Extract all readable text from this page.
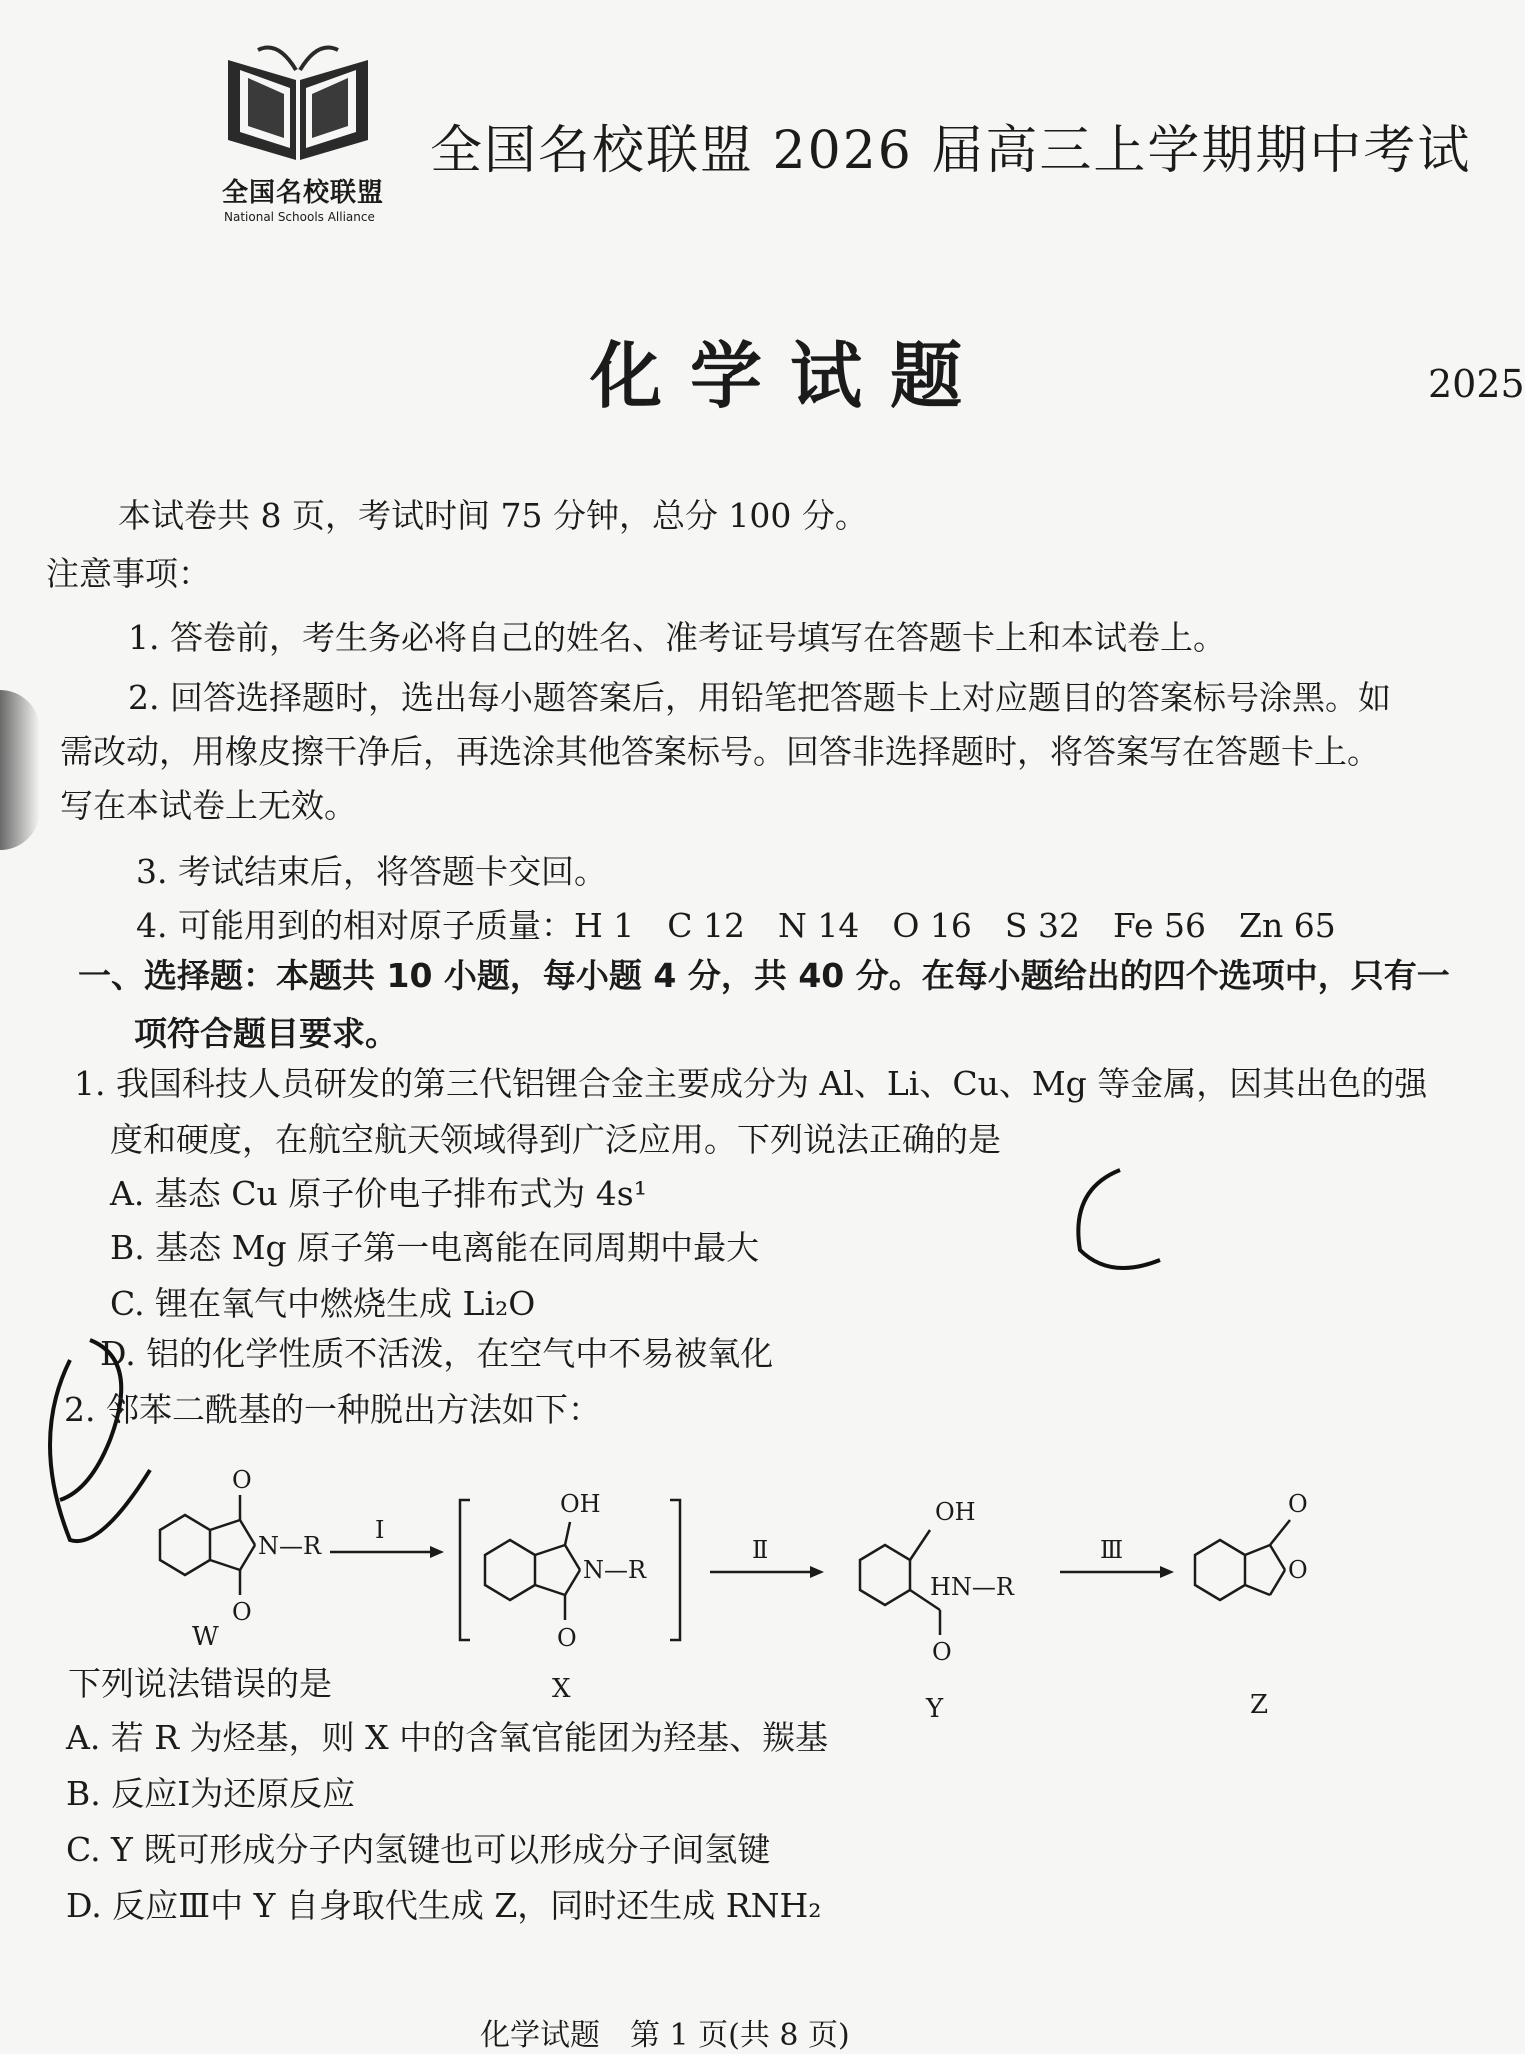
全国名校联盟
National Schools Alliance
全国名校联盟 2026 届高三上学期期中考试
化学试题	2025
本试卷共 8 页，考试时间 75 分钟，总分 100 分。
注意事项：
1. 答卷前，考生务必将自己的姓名、准考证号填写在答题卡上和本试卷上。
2. 回答选择题时，选出每小题答案后，用铅笔把答题卡上对应题目的答案标号涂黑。如
需改动，用橡皮擦干净后，再选涂其他答案标号。回答非选择题时，将答案写在答题卡上。
写在本试卷上无效。
3. 考试结束后，将答题卡交回。
4. 可能用到的相对原子质量：H 1　C 12　N 14　O 16　S 32　Fe 56　Zn 65
一、选择题：本题共 10 小题，每小题 4 分，共 40 分。在每小题给出的四个选项中，只有一
项符合题目要求。
1. 我国科技人员研发的第三代铝锂合金主要成分为 Al、Li、Cu、Mg 等金属，因其出色的强
度和硬度，在航空航天领域得到广泛应用。下列说法正确的是
A. 基态 Cu 原子价电子排布式为 4s¹
B. 基态 Mg 原子第一电离能在同周期中最大
C. 锂在氧气中燃烧生成 Li₂O
D. 铝的化学性质不活泼，在空气中不易被氧化
2. 邻苯二酰基的一种脱出方法如下：
O
O
N—R
Ⅰ
OH
O
N—R
Ⅱ
OH
HN—R
O
Ⅲ
O
O
W
X
Y	Z
下列说法错误的是
A. 若 R 为烃基，则 X 中的含氧官能团为羟基、羰基
B. 反应Ⅰ为还原反应
C. Y 既可形成分子内氢键也可以形成分子间氢键
D. 反应Ⅲ中 Y 自身取代生成 Z，同时还生成 RNH₂
化学试题　第 1 页(共 8 页)
